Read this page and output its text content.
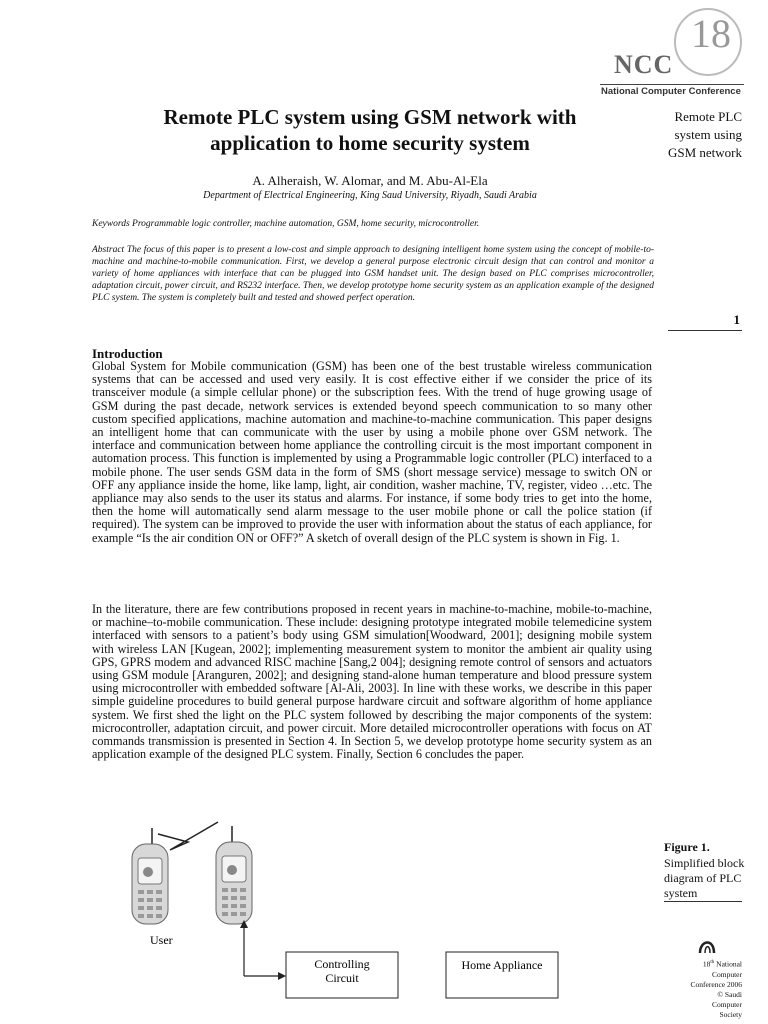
18
NCC
National Computer Conference
Remote PLC system using GSM network with
application to home security system
A. Alheraish, W. Alomar, and M. Abu-Al-Ela
Department of Electrical Engineering, King Saud University, Riyadh, Saudi Arabia
Keywords Programmable logic controller, machine automation, GSM, home security, microcontroller.
Abstract The focus of this paper is to present a low-cost and simple approach to designing intelligent home system using the concept of mobile-to-machine and machine-to-mobile communication. First, we develop a general purpose electronic circuit design that can control and monitor a variety of home appliances with interface that can be plugged into GSM handset unit. The design based on PLC comprises microcontroller, adaptation circuit, power circuit, and RS232 interface. Then, we develop prototype home security system as an application example of the designed PLC system. The system is completely built and tested and showed perfect operation.
Remote PLC system using GSM network
1
Introduction
Global System for Mobile communication (GSM) has been one of the best trustable wireless communication systems that can be accessed and used very easily. It is cost effective either if we consider the price of its transceiver module (a simple cellular phone) or the subscription fees. With the trend of huge growing usage of GSM during the past decade, network services is extended beyond speech communication to so many other custom specified applications, machine automation and machine-to-machine communication. This paper designs an intelligent home that can communicate with the user by using a mobile phone over GSM network. The interface and communication between home appliance the controlling circuit is the most important component in automation process. This function is implemented by using a Programmable logic controller (PLC) interfaced to a mobile phone. The user sends GSM data in the form of SMS (short message service) message to switch ON or OFF any appliance inside the home, like lamp, light, air condition, washer machine, TV, register, video …etc. The appliance may also sends to the user its status and alarms. For instance, if some body tries to get into the home, then the home will automatically send alarm message to the user mobile phone or call the police station (if required). The system can be improved to provide the user with information about the status of each appliance, for example “Is the air condition ON or OFF?” A sketch of overall design of the PLC system is shown in Fig. 1.
In the literature, there are few contributions proposed in recent years in machine-to-machine, mobile-to-machine, or machine–to-mobile communication. These include: designing prototype integrated mobile telemedicine system interfaced with sensors to a patient’s body using GSM simulation[Woodward, 2001]; designing mobile system with wireless LAN [Kugean, 2002]; implementing measurement system to monitor the ambient air quality using GPS, GPRS modem and advanced RISC machine [Sang,2 004]; designing remote control of sensors and actuators using GSM module [Aranguren, 2002]; and designing stand-alone human temperature and blood pressure system using microcontroller with embedded software [Al-Ali, 2003]. In line with these works, we describe in this paper simple guideline procedures to build general purpose hardware circuit and software algorithm of home appliance system. We first shed the light on the PLC system followed by describing the major components of the system: microcontroller, adaptation circuit, and power circuit. More detailed microcontroller operations with focus on AT commands transmission is presented in Section 4. In Section 5, we develop prototype home security system as an application example of the designed PLC system. Finally, Section 6 concludes the paper.
User
Controlling
Circuit
Home Appliance
Figure 1.
Simplified block diagram of PLC system
18th National Computer Conference 2006 © Saudi Computer Society
